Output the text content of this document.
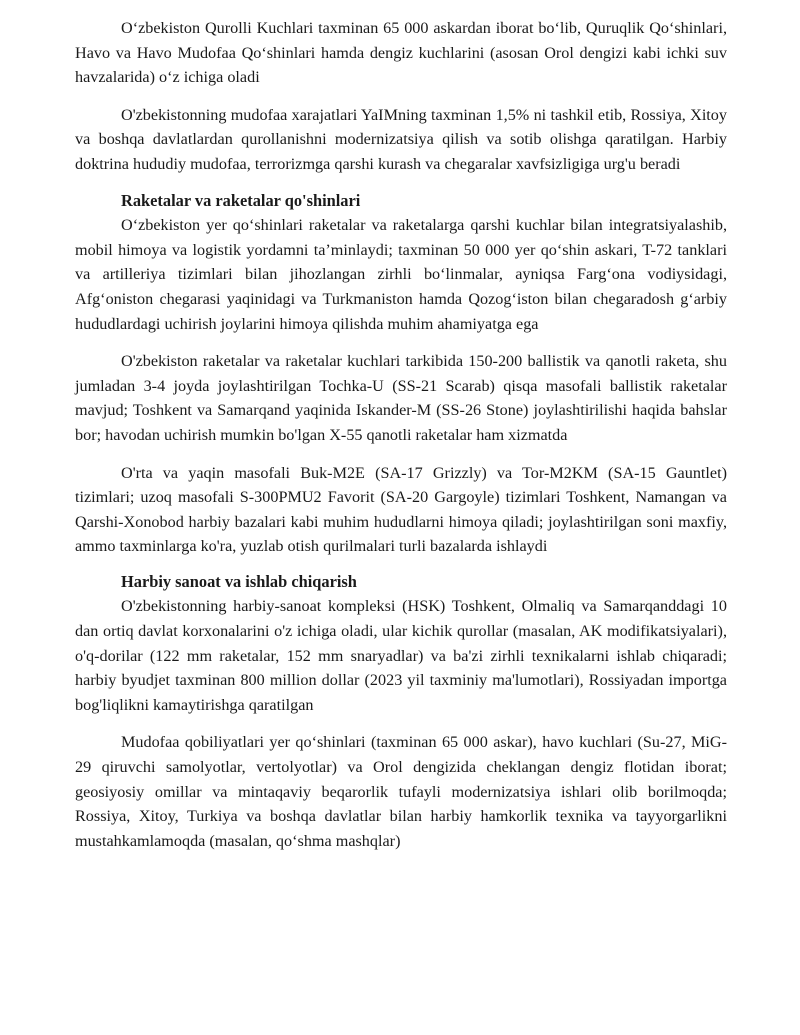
O‘zbekiston Qurolli Kuchlari taxminan 65 000 askardan iborat bo‘lib, Quruqlik Qo‘shinlari, Havo va Havo Mudofaa Qo‘shinlari hamda dengiz kuchlarini (asosan Orol dengizi kabi ichki suv havzalarida) o‘z ichiga oladi

O'zbekistonning mudofaa xarajatlari YaIMning taxminan 1,5% ni tashkil etib, Rossiya, Xitoy va boshqa davlatlardan qurollanishni modernizatsiya qilish va sotib olishga qaratilgan. Harbiy doktrina hududiy mudofaa, terrorizmga qarshi kurash va chegaralar xavfsizligiga urg'u beradi

Raketalar va raketalar qo'shinlari

O‘zbekiston yer qo‘shinlari raketalar va raketalarga qarshi kuchlar bilan integratsiyalashib, mobil himoya va logistik yordamni ta’minlaydi; taxminan 50 000 yer qo‘shin askari, T-72 tanklari va artilleriya tizimlari bilan jihozlangan zirhli bo‘linmalar, ayniqsa Farg‘ona vodiysidagi, Afg‘oniston chegarasi yaqinidagi va Turkmaniston hamda Qozog‘iston bilan chegaradosh g‘arbiy hududlardagi uchirish joylarini himoya qilishda muhim ahamiyatga ega

O'zbekiston raketalar va raketalar kuchlari tarkibida 150-200 ballistik va qanotli raketa, shu jumladan 3-4 joyda joylashtirilgan Tochka-U (SS-21 Scarab) qisqa masofali ballistik raketalar mavjud; Toshkent va Samarqand yaqinida Iskander-M (SS-26 Stone) joylashtirilishi haqida bahslar bor; havodan uchirish mumkin bo'lgan X-55 qanotli raketalar ham xizmatda

O'rta va yaqin masofali Buk-M2E (SA-17 Grizzly) va Tor-M2KM (SA-15 Gauntlet) tizimlari; uzoq masofali S-300PMU2 Favorit (SA-20 Gargoyle) tizimlari Toshkent, Namangan va Qarshi-Xonobod harbiy bazalari kabi muhim hududlarni himoya qiladi; joylashtirilgan soni maxfiy, ammo taxminlarga ko'ra, yuzlab otish qurilmalari turli bazalarda ishlaydi

Harbiy sanoat va ishlab chiqarish

O'zbekistonning harbiy-sanoat kompleksi (HSK) Toshkent, Olmaliq va Samarqanddagi 10 dan ortiq davlat korxonalarini o'z ichiga oladi, ular kichik qurollar (masalan, AK modifikatsiyalari), o'q-dorilar (122 mm raketalar, 152 mm snaryadlar) va ba'zi zirhli texnikalarni ishlab chiqaradi; harbiy byudjet taxminan 800 million dollar (2023 yil taxminiy ma'lumotlari), Rossiyadan importga bog'liqlikni kamaytirishga qaratilgan

Mudofaa qobiliyatlari yer qo‘shinlari (taxminan 65 000 askar), havo kuchlari (Su-27, MiG-29 qiruvchi samolyotlar, vertolyotlar) va Orol dengizida cheklangan dengiz flotidan iborat; geosiyosiy omillar va mintaqaviy beqarorlik tufayli modernizatsiya ishlari olib borilmoqda; Rossiya, Xitoy, Turkiya va boshqa davlatlar bilan harbiy hamkorlik texnika va tayyorgarlikni mustahkamlamoqda (masalan, qo‘shma mashqlar)
